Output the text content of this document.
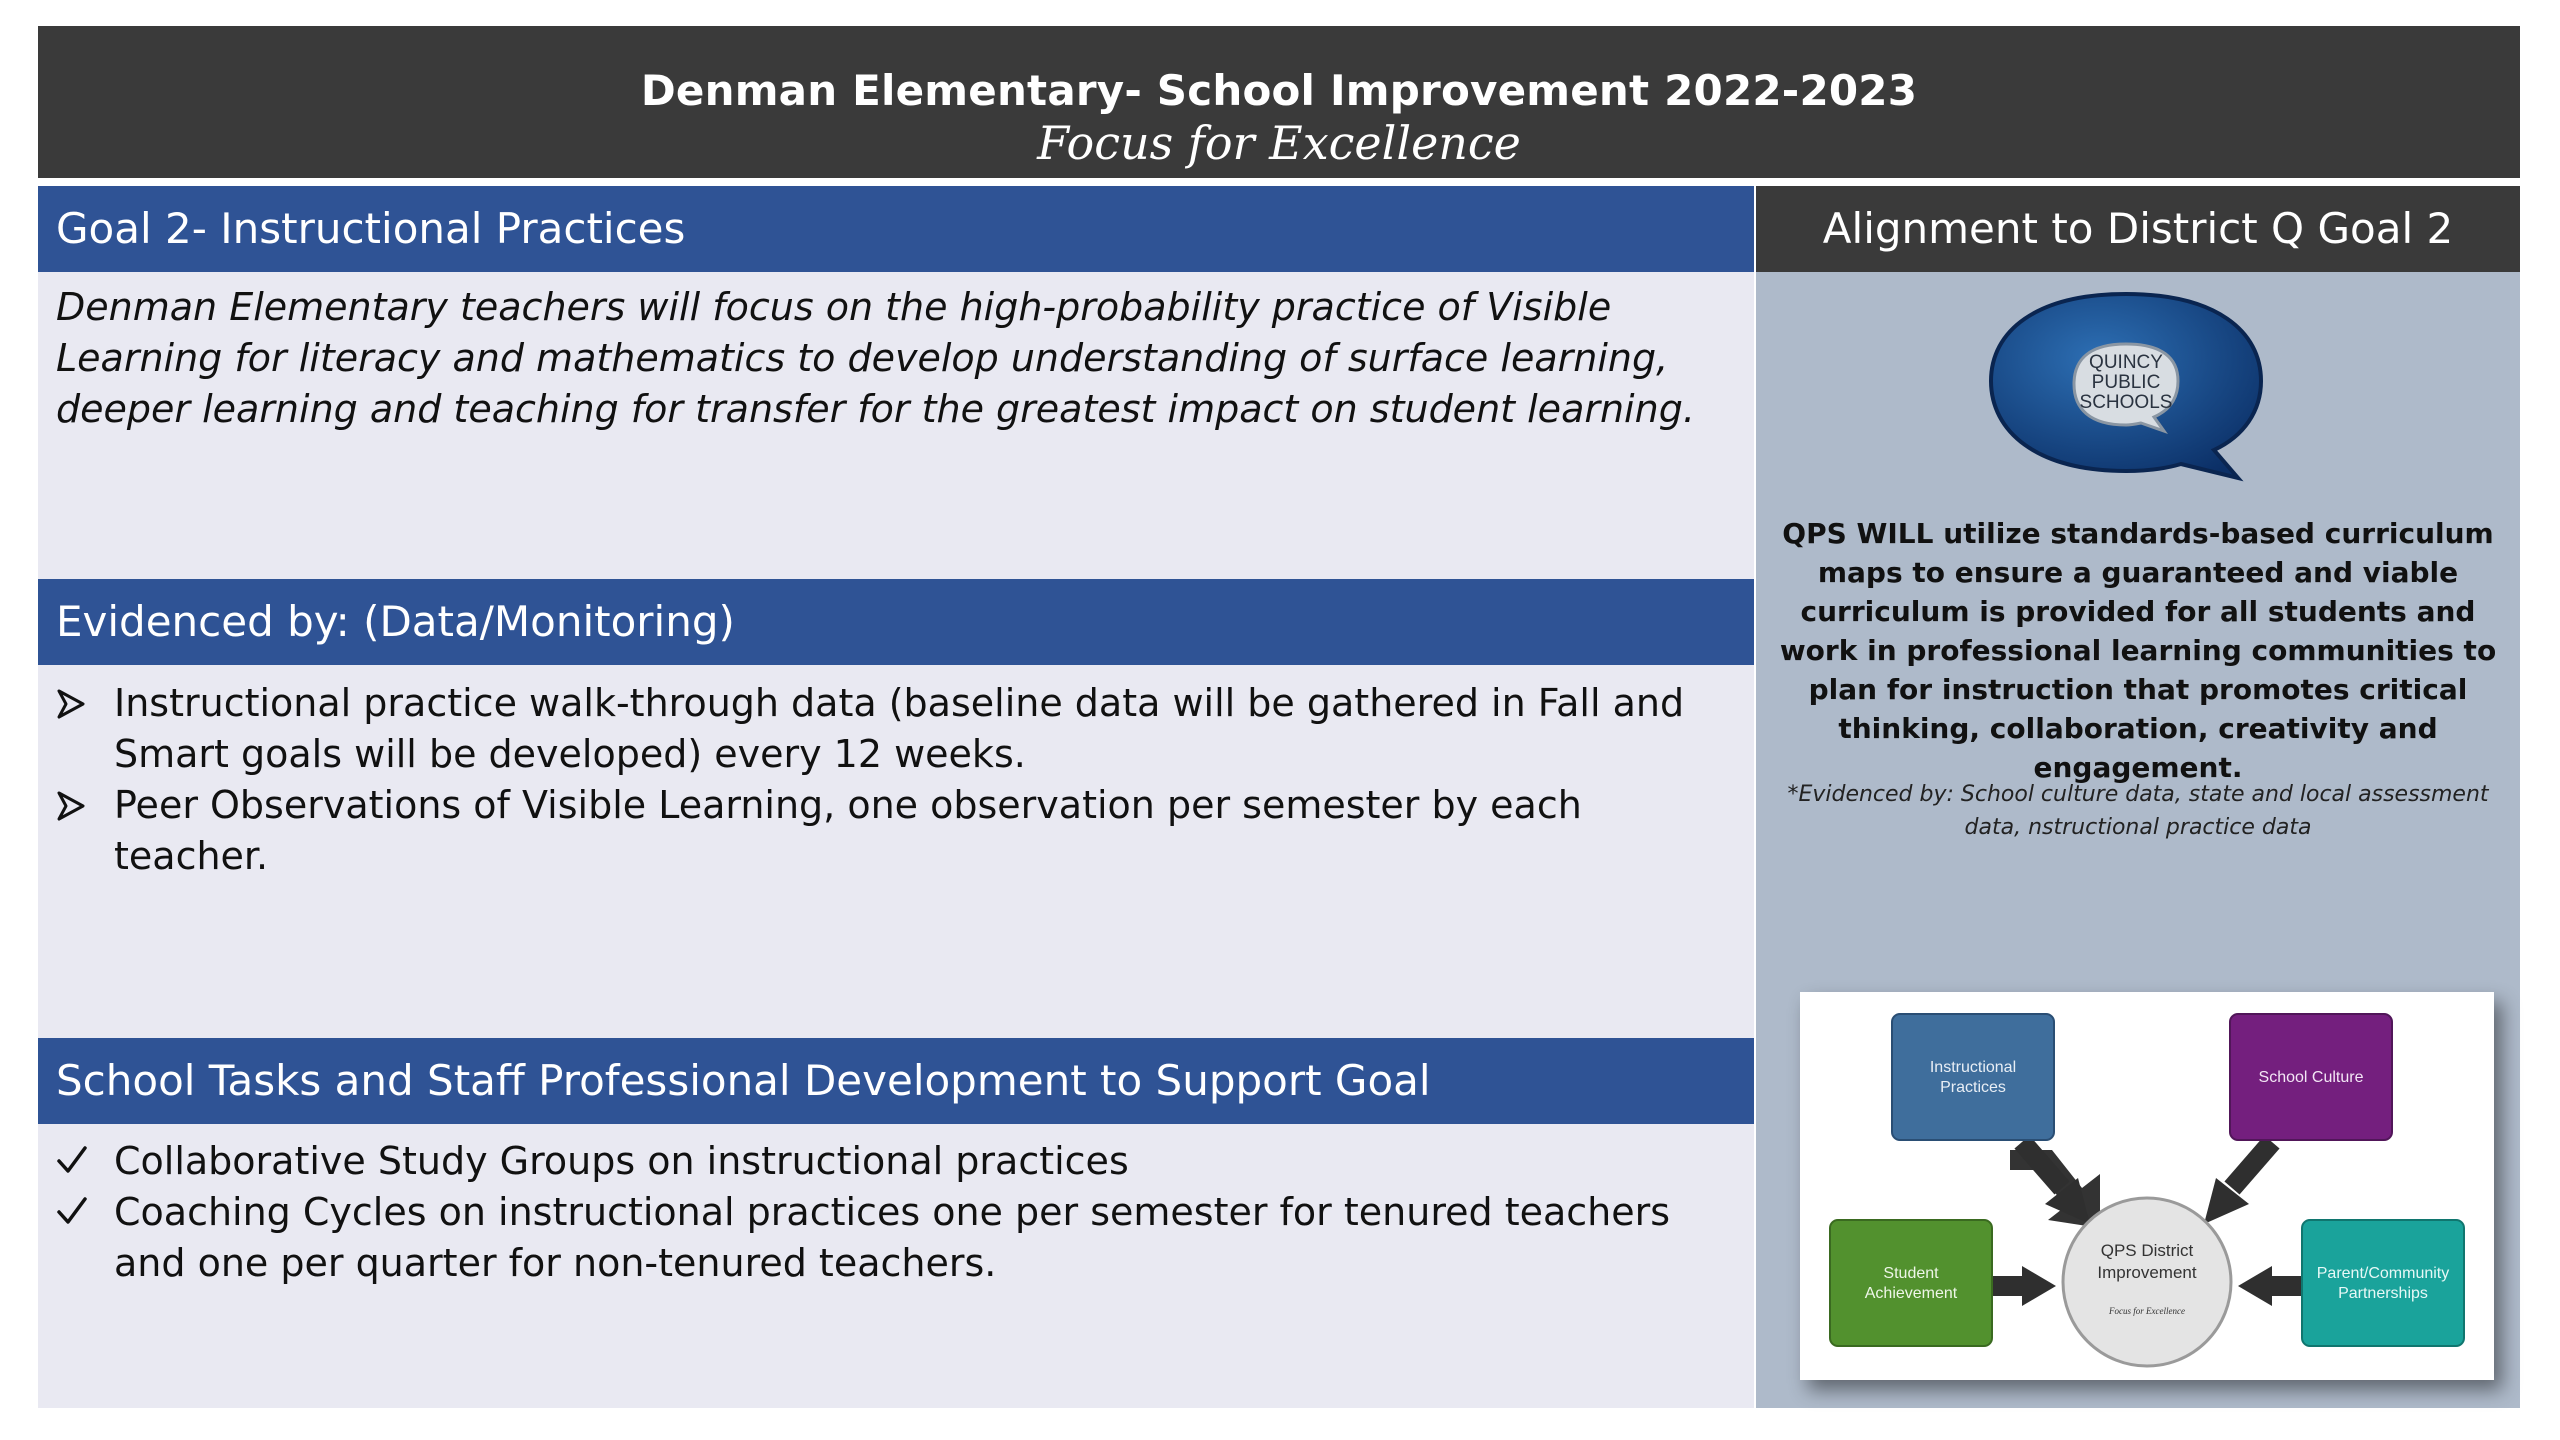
Denman Elementary- School Improvement 2022-2023
Focus for Excellence
Goal 2- Instructional Practices
Denman Elementary teachers will focus on the high-probability practice of Visible Learning for literacy and mathematics to develop understanding of surface learning, deeper learning and teaching for transfer for the greatest impact on student learning.
Evidenced by: (Data/Monitoring)
Instructional practice walk-through data (baseline data will be gathered in Fall and Smart goals will be developed) every 12 weeks.
Peer Observations of Visible Learning, one observation per semester by each teacher.
School Tasks and Staff Professional Development to Support Goal
Collaborative Study Groups on instructional practices
Coaching Cycles on instructional practices one per semester for tenured teachers and one per quarter for non-tenured teachers.
Alignment to District Q Goal 2
QUINCY
PUBLIC
SCHOOLS
QPS WILL utilize standards-based curriculum maps to ensure a guaranteed and viable curriculum is provided for all students and work in professional learning communities to plan for instruction that promotes critical thinking, collaboration, creativity and engagement.
*Evidenced by: School culture data, state and local assessment data, nstructional practice data
QPS District
Improvement
Focus for Excellence
Instructional
Practices
School Culture
Student
Achievement
Parent/Community
Partnerships
